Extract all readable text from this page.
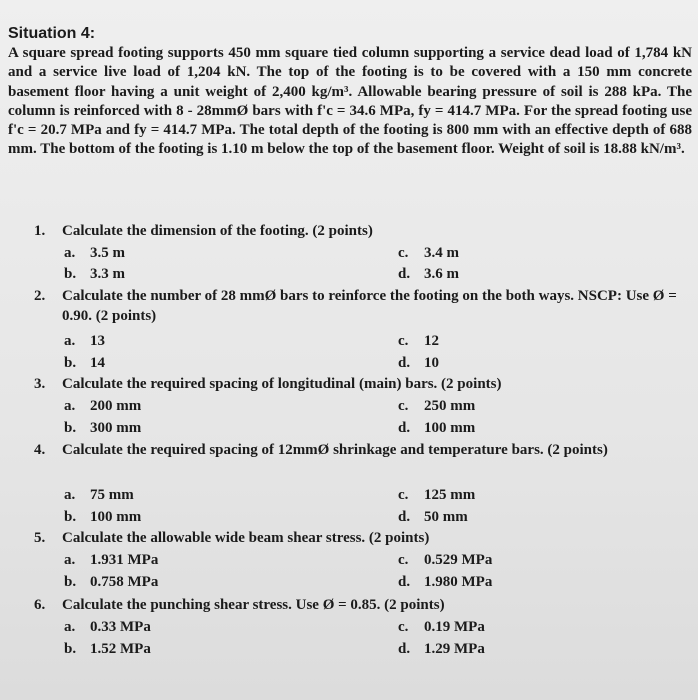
Situation 4:
A square spread footing supports 450 mm square tied column supporting a service dead load of 1,784 kN and a service live load of 1,204 kN. The top of the footing is to be covered with a 150 mm concrete basement floor having a unit weight of 2,400 kg/m³. Allowable bearing pressure of soil is 288 kPa. The column is reinforced with 8 - 28mmØ bars with f'c = 34.6 MPa, fy = 414.7 MPa. For the spread footing use f'c = 20.7 MPa and fy = 414.7 MPa. The total depth of the footing is 800 mm with an effective depth of 688 mm. The bottom of the footing is 1.10 m below the top of the basement floor. Weight of soil is 18.88 kN/m³.
1. Calculate the dimension of the footing. (2 points)
a. 3.5 m	c. 3.4 m
b. 3.3 m	d. 3.6 m
2. Calculate the number of 28 mmØ bars to reinforce the footing on the both ways. NSCP: Use Ø = 0.90. (2 points)
a. 13	c. 12
b. 14	d. 10
3. Calculate the required spacing of longitudinal (main) bars. (2 points)
a. 200 mm	c. 250 mm
b. 300 mm	d. 100 mm
4. Calculate the required spacing of 12mmØ shrinkage and temperature bars. (2 points)
a. 75 mm	c. 125 mm
b. 100 mm	d. 50 mm
5. Calculate the allowable wide beam shear stress. (2 points)
a. 1.931 MPa	c. 0.529 MPa
b. 0.758 MPa	d. 1.980 MPa
6. Calculate the punching shear stress. Use Ø = 0.85. (2 points)
a. 0.33 MPa	c. 0.19 MPa
b. 1.52 MPa	d. 1.29 MPa
